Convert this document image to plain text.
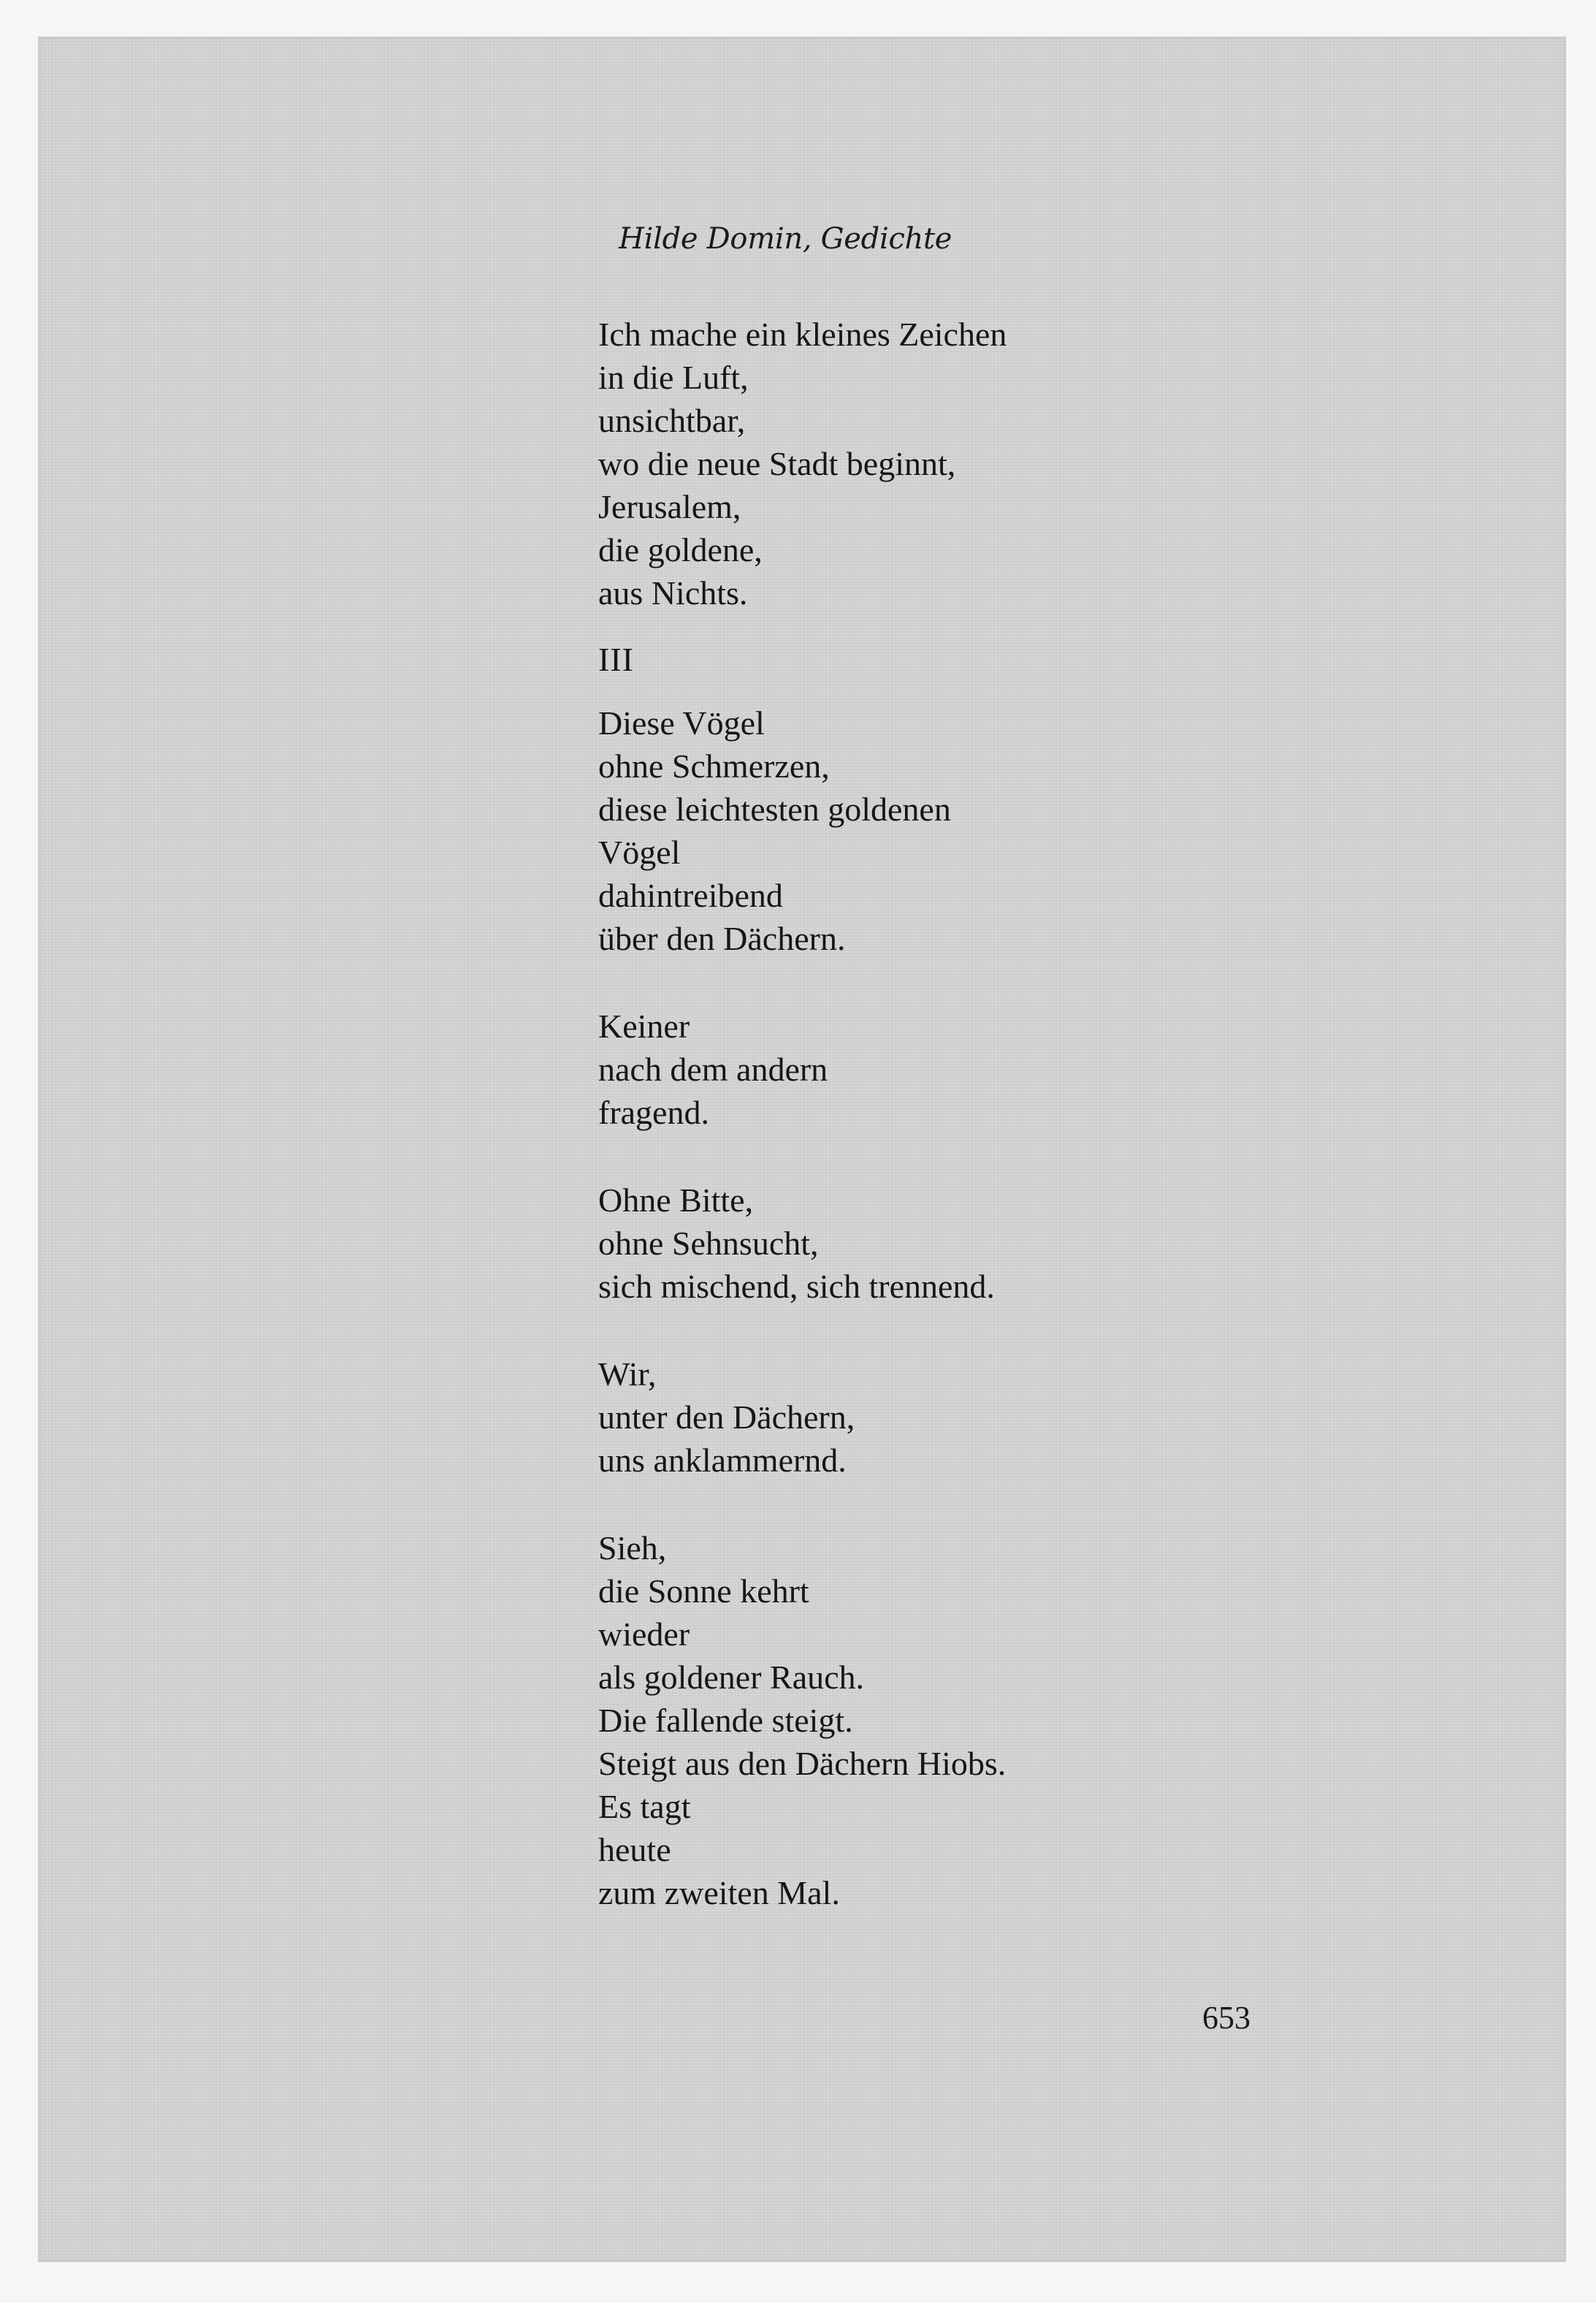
Hilde Domin, Gedichte

Ich mache ein kleines Zeichen
in die Luft,
unsichtbar,
wo die neue Stadt beginnt,
Jerusalem,
die goldene,
aus Nichts.
III
Diese Vögel
ohne Schmerzen,
diese leichtesten goldenen
Vögel
dahintreibend
über den Dächern.
Keiner
nach dem andern
fragend.
Ohne Bitte,
ohne Sehnsucht,
sich mischend, sich trennend.
Wir,
unter den Dächern,
uns anklammernd.
Sieh,
die Sonne kehrt
wieder
als goldener Rauch.
Die fallende steigt.
Steigt aus den Dächern Hiobs.
Es tagt
heute
zum zweiten Mal.

653
